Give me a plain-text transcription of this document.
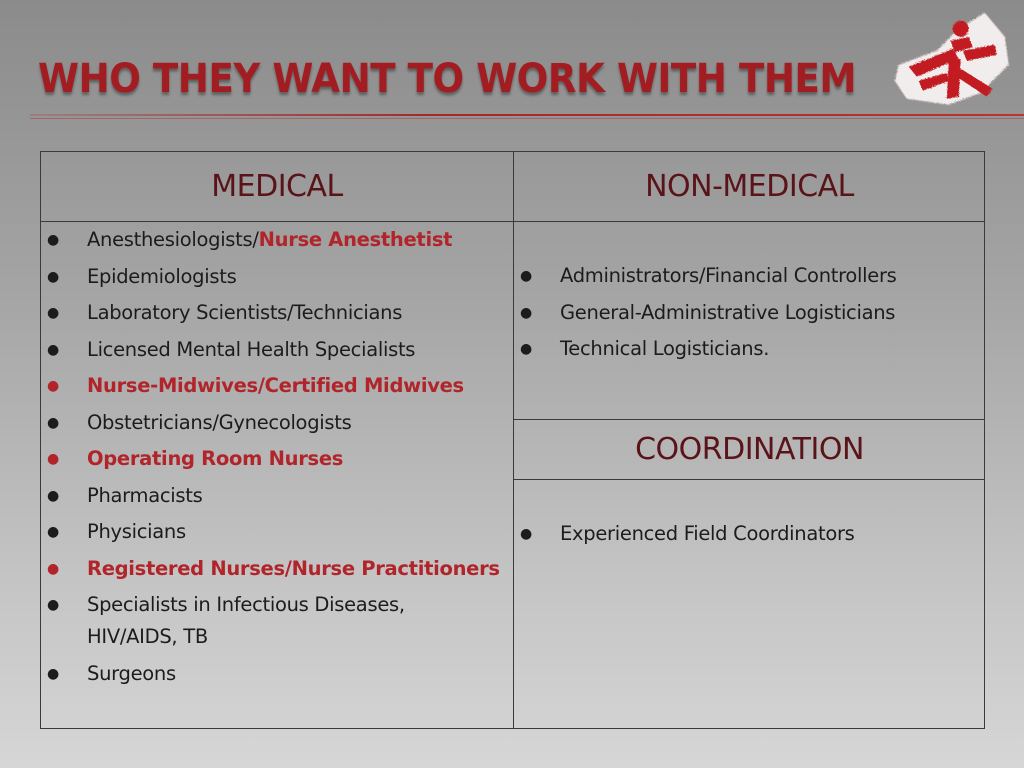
WHO THEY WANT TO WORK WITH THEM
MEDICAL	NON-MEDICAL
COORDINATION
● Anesthesiologists/Nurse Anesthetist
● Epidemiologists
● Laboratory Scientists/Technicians
● Licensed Mental Health Specialists
● Nurse-Midwives/Certified Midwives
● Obstetricians/Gynecologists
● Operating Room Nurses
● Pharmacists
● Physicians
● Registered Nurses/Nurse Practitioners
● Specialists in Infectious Diseases,
HIV/AIDS, TB
● Surgeons
● Administrators/Financial Controllers
● General-Administrative Logisticians
● Technical Logisticians.
● Experienced Field Coordinators
